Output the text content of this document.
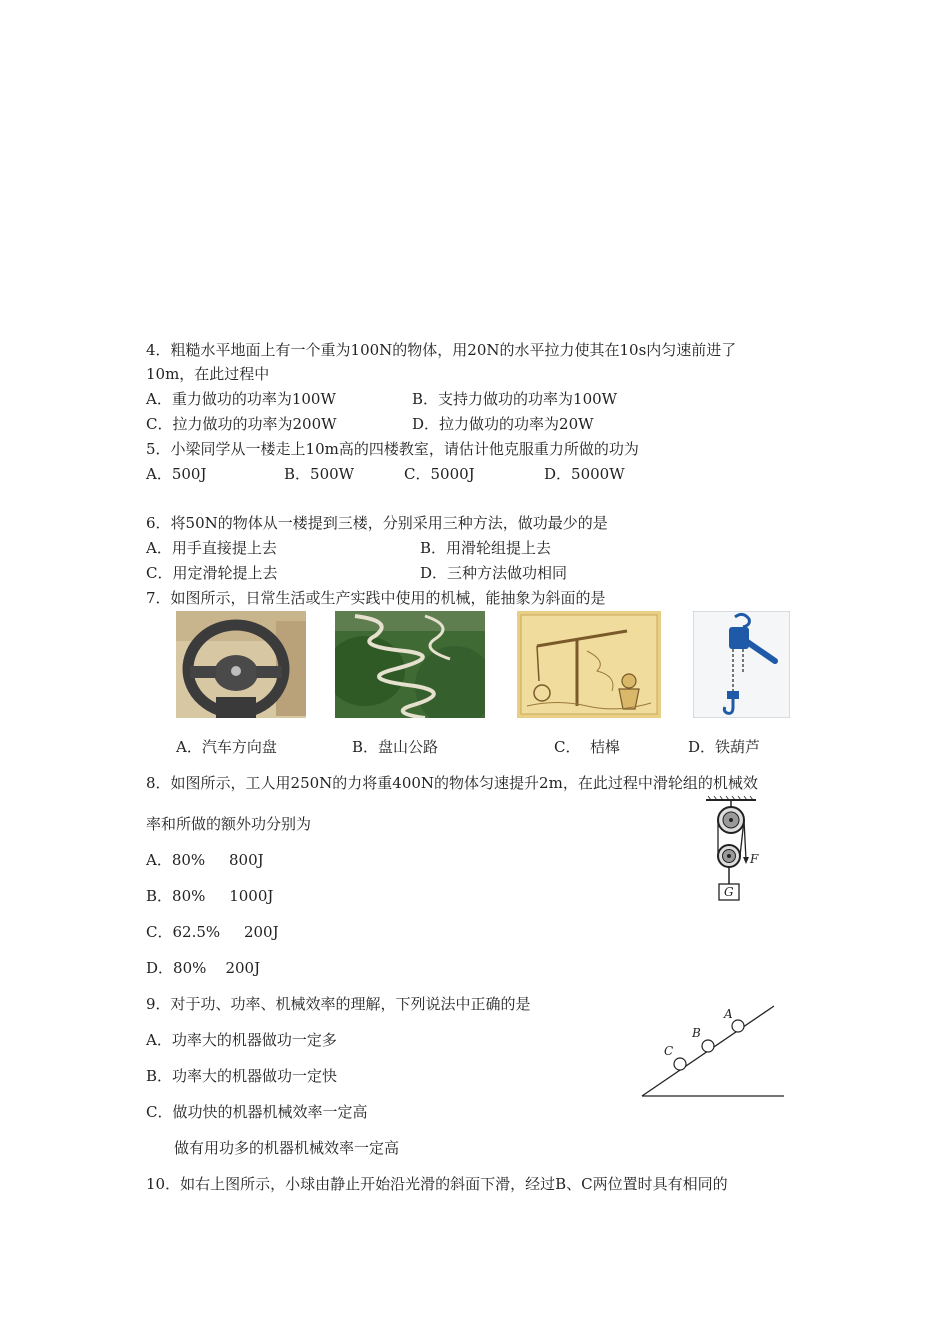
4．粗糙水平地面上有一个重为100N的物体，用20N的水平拉力使其在10s内匀速前进了
10m，在此过程中
A．重力做功的功率为100W	B．支持力做功的功率为100W
C．拉力做功的功率为200W	D．拉力做功的功率为20W
5．小梁同学从一楼走上10m高的四楼教室，请估计他克服重力所做的功为
A．500J	B．500W	C．5000J	D．5000W
6．将50N的物体从一楼提到三楼，分别采用三种方法，做功最少的是
A．用手直接提上去	B．用滑轮组提上去
C．用定滑轮提上去	D．三种方法做功相同
7．如图所示，日常生活或生产实践中使用的机械，能抽象为斜面的是
A．汽车方向盘	B．盘山公路	C．  桔槔	D．铁葫芦
8．如图所示，工人用250N的力将重400N的物体匀速提升2m，在此过程中滑轮组的机械效
率和所做的额外功分别为
A．80%     800J
B．80%     1000J
C．62.5%     200J
D．80%    200J
F
G
9．对于功、功率、机械效率的理解，下列说法中正确的是
A．功率大的机器做功一定多
B．功率大的机器做功一定快
C．做功快的机器机械效率一定高
做有用功多的机器机械效率一定高
A
B
C
10．如右上图所示，小球由静止开始沿光滑的斜面下滑，经过B、C两位置时具有相同的
